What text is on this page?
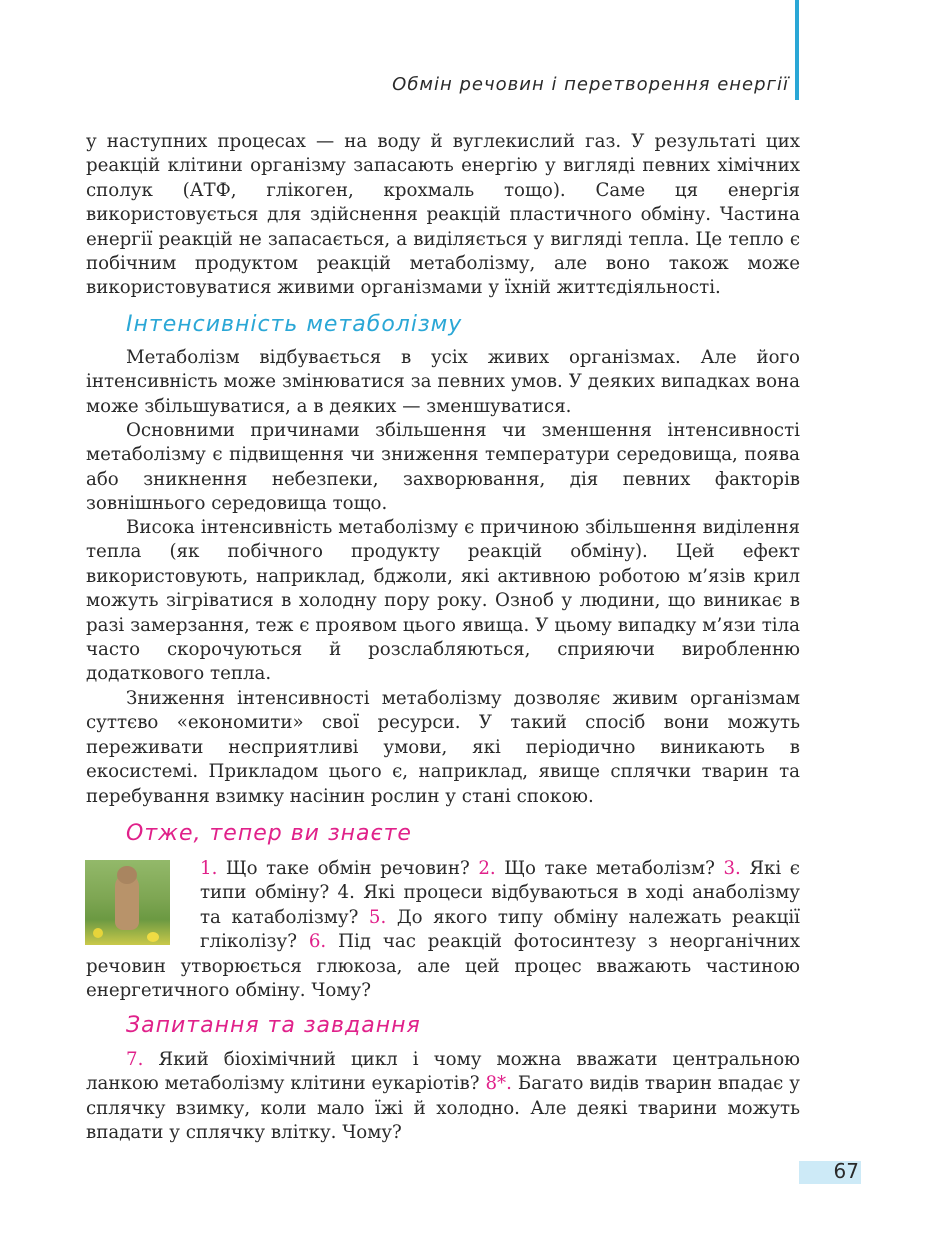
Обмін речовин і перетворення енергії

у наступних процесах — на воду й вуглекислий газ. У результаті цих реакцій клітини організму запасають енергію у вигляді певних хімічних сполук (АТФ, глікоген, крохмаль тощо). Саме ця енергія використовується для здійснення реакцій пластичного обміну. Частина енергії реакцій не запасається, а виділяється у вигляді тепла. Це тепло є побічним продуктом реакцій метаболізму, але воно також може використовуватися живими організмами у їхній життєдіяльності.

Інтенсивність метаболізму

Метаболізм відбувається в усіх живих організмах. Але його інтенсивність може змінюватися за певних умов. У деяких випадках вона може збільшуватися, а в деяких — зменшуватися.

Основними причинами збільшення чи зменшення інтенсивності метаболізму є підвищення чи зниження температури середовища, поява або зникнення небезпеки, захворювання, дія певних факторів зовнішнього середовища тощо.

Висока інтенсивність метаболізму є причиною збільшення виділення тепла (як побічного продукту реакцій обміну). Цей ефект використовують, наприклад, бджоли, які активною роботою м’язів крил можуть зігріватися в холодну пору року. Озноб у людини, що виникає в разі замерзання, теж є проявом цього явища. У цьому випадку м’язи тіла часто скорочуються й розслабляються, сприяючи виробленню додаткового тепла.

Зниження інтенсивності метаболізму дозволяє живим організмам суттєво «економити» свої ресурси. У такий спосіб вони можуть переживати несприятливі умови, які періодично виникають в екосистемі. Прикладом цього є, наприклад, явище сплячки тварин та перебування взимку насінин рослин у стані спокою.

Отже, тепер ви знаєте
1. Що таке обмін речовин? 2. Що таке метаболізм? 3. Які є типи обміну? 4. Які процеси відбуваються в ході анаболізму та катаболізму? 5. До якого типу обміну належать реакції гліколізу? 6. Під час реакцій фотосинтезу з неорганічних речовин утворюється глюкоза, але цей процес вважають частиною енергетичного обміну. Чому?
Запитання та завдання

7. Який біохімічний цикл і чому можна вважати центральною ланкою метаболізму клітини еукаріотів? 8*. Багато видів тварин впадає у сплячку взимку, коли мало їжі й холодно. Але деякі тварини можуть впадати у сплячку влітку. Чому?

67
